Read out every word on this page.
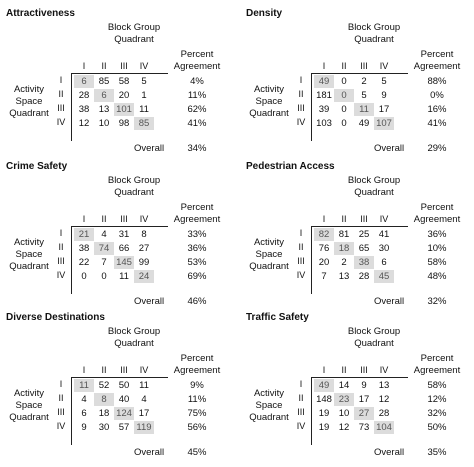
Attractiveness
Block Group
Quadrant
Percent
Agreement
Activity
Space
Quadrant
I
I
II
II
III
III
IV
IV
6	85 58	5	4%
28	6	20	1	11%
38 13 101 11	62%
12 10 98 85	41%
Overall	34%
Density
Block Group
Quadrant
Percent
Agreement
Activity
Space
Quadrant
I
I
II
II
III
III
IV
IV
49	0	2	5	88%
181 0	5	9	0%
39	0	11	17	16%
103 0	49 107	41%
Overall	29%
Crime Safety
Block Group
Quadrant
Percent
Agreement
Activity
Space
Quadrant
I
I
II
II
III
III
IV
IV
21	4	31	8	33%
38 74 66 27	36%
22	7 145 99	53%
0	0	11	24	69%
Overall	46%
Pedestrian Access
Block Group
Quadrant
Percent
Agreement
Activity
Space
Quadrant
I
I
II
II
III
III
IV
IV
82 81 25 41	36%
76 18 65 30	10%
20	2	38	6	58%
7	13 28 45	48%
Overall	32%
Diverse Destinations
Block Group
Quadrant
Percent
Agreement
Activity
Space
Quadrant
I
I
II
II
III
III
IV
IV
11	52 50	11	9%
4	8	40	4	11%
6	18 124 17	75%
9	30 57 119	56%
Overall	45%
Traffic Safety
Block Group
Quadrant
Percent
Agreement
Activity
Space
Quadrant
I
I
II
II
III
III
IV
IV
49 14	9	13	58%
148 23 17 12	12%
19 10 27 28	32%
19 12 73 104	50%
Overall	35%
